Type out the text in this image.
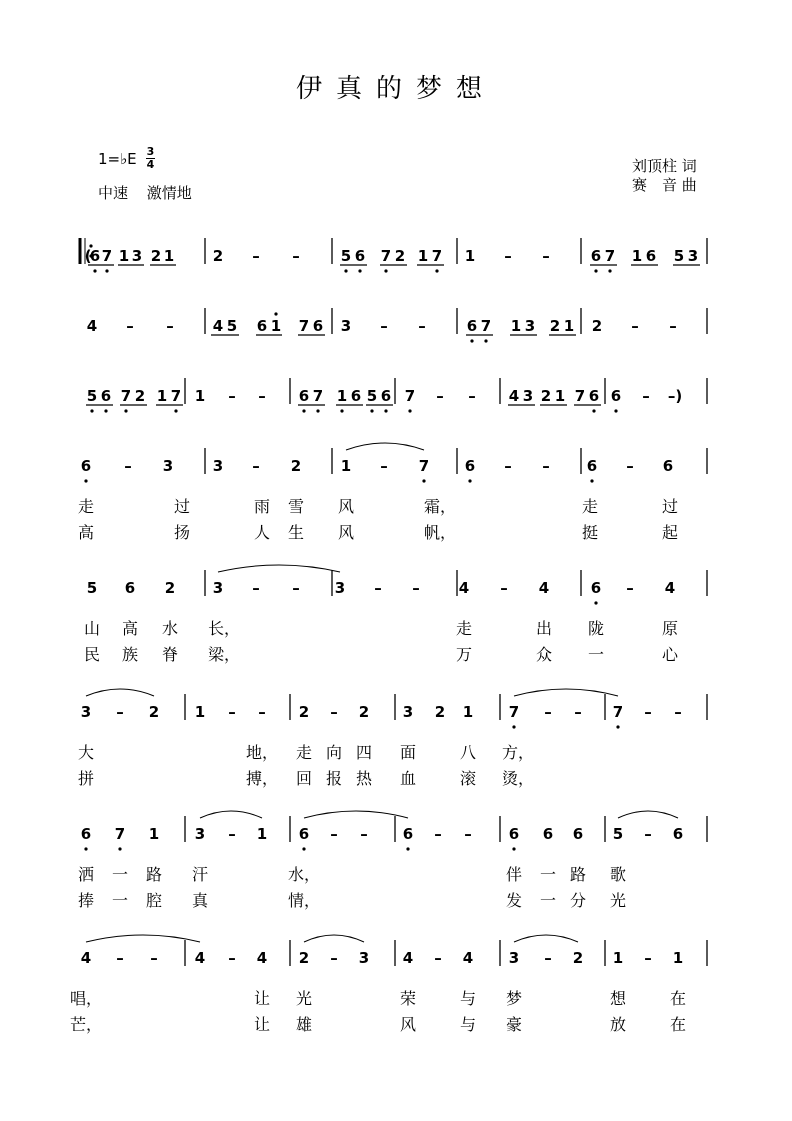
伊真的梦想
1=♭E 3
4
中速 激情地
刘顶柱 词
赛　音 曲
(
6 7 1 3 2 1	2 – –	5 6 7 2 1 7 1 – –	6 7 1 6 5 3
4 – –	4 5 6 1 7 6 3 – –	6 7 1 3 2 1 2 – –
5 6 7 2 1 7 1 – – 6 7 1 6 5 6 7 – – 4 3 2 1 7 6 6 – –)
6 – 3	3 – 2	1 – 7 6 – – 6 – 6
5 6 2	3 – – 3 – –	4 – 4	6 – 4
3 – 2 1 – – 2 – 2 3 2 1 7 – – 7 – –
6 7 1 3 – 1 6 – – 6 – – 6 6 6 5 – 6
4 – – 4 – 4 2 – 3 4 – 4 3 – 2 1 – 1
走	过	雨 雪 风	霜，	走	过
高	扬	人 生 风	帆，	挺	起
山 高 水 长，	走	出 陇	原
民 族 脊 梁，	万	众 一	心
大	地， 走 向 四 面	八 方，
拼	搏， 回 报 热 血	滚 烫，
洒 一 路 汗	水，	伴 一 路 歌
捧 一 腔 真	情，	发 一 分 光
唱，	让 光	荣	与 梦	想	在
芒，	让 雄	风	与 豪	放	在
